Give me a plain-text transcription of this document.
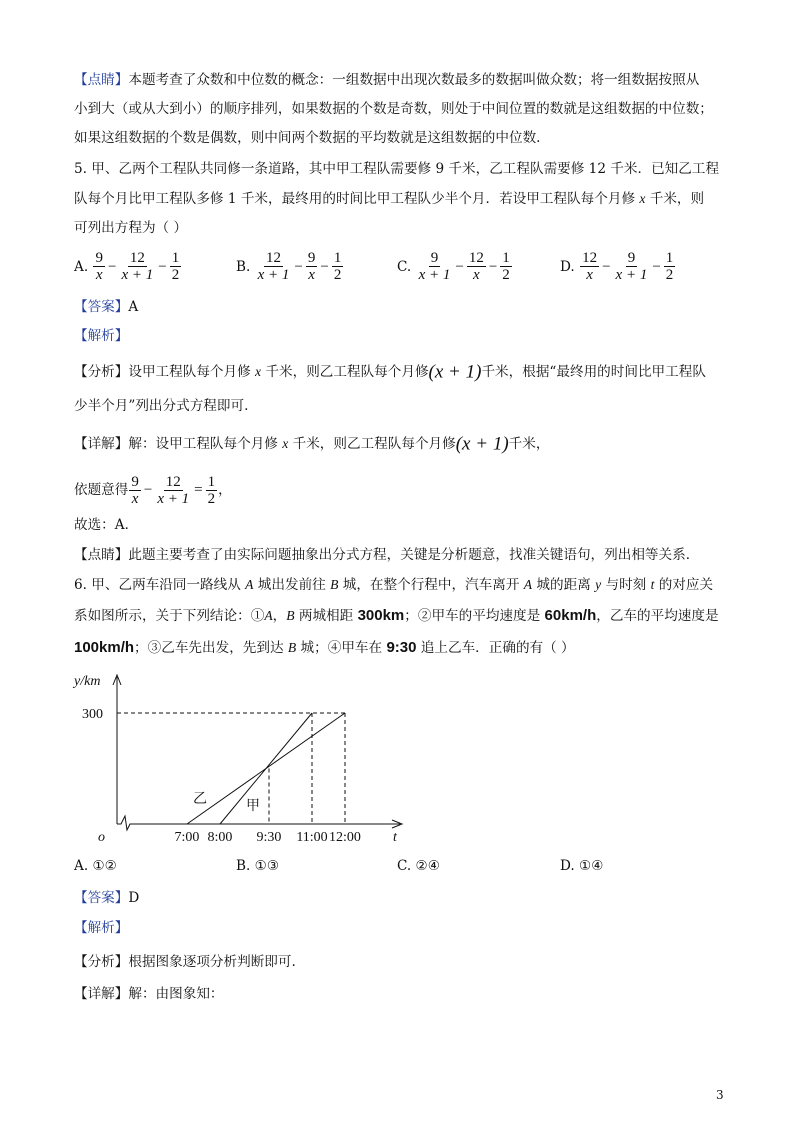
【点睛】本题考查了众数和中位数的概念：一组数据中出现次数最多的数据叫做众数；将一组数据按照从
小到大（或从大到小）的顺序排列，如果数据的个数是奇数，则处于中间位置的数就是这组数据的中位数；
如果这组数据的个数是偶数，则中间两个数据的平均数就是这组数据的中位数.
5. 甲、乙两个工程队共同修一条道路，其中甲工程队需要修 9 千米，乙工程队需要修 12 千米．已知乙工程
队每个月比甲工程队多修 1 千米，最终用的时间比甲工程队少半个月．若设甲工程队每个月修 x 千米，则
可列出方程为（ ）
A.
$\frac{9}{x} - \frac{12}{x + 1} - \frac{1}{2}$	B.
$\frac{12}{x + 1} - \frac{9}{x} - \frac{1}{2}$	C.
$\frac{9}{x + 1} - \frac{12}{x} - \frac{1}{2}$	D.
$\frac{12}{x} - \frac{9}{x + 1} - \frac{1}{2}$
【答案】A
【解析】
【分析】设甲工程队每个月修 x 千米，则乙工程队每个月修(x + 1)千米，根据“最终用的时间比甲工程队
少半个月”列出分式方程即可.
【详解】解：设甲工程队每个月修 x 千米，则乙工程队每个月修(x + 1)千米，
依题意得 $\frac{9}{x} - \frac{12}{x + 1} = \frac{1}{2}$ ，
故选：A．
【点睛】此题主要考查了由实际问题抽象出分式方程，关键是分析题意，找准关键语句，列出相等关系．
6. 甲、乙两车沿同一路线从 A 城出发前往 B 城，在整个行程中，汽车离开 A 城的距离 y 与时刻 t 的对应关
系如图所示，关于下列结论：①A，B 两城相距 300km；②甲车的平均速度是 60km/h，乙车的平均速度是
100km/h；③乙车先出发，先到达 B 城；④甲车在 9:30 追上乙车．正确的有（ ）
y/km
o	t
300
7:00 8:00 9:30 11:00 12:00
乙	甲
A. ①②	B. ①③	C. ②④	D. ①④
【答案】D
【解析】
【分析】根据图象逐项分析判断即可.
【详解】解：由图象知：
3
